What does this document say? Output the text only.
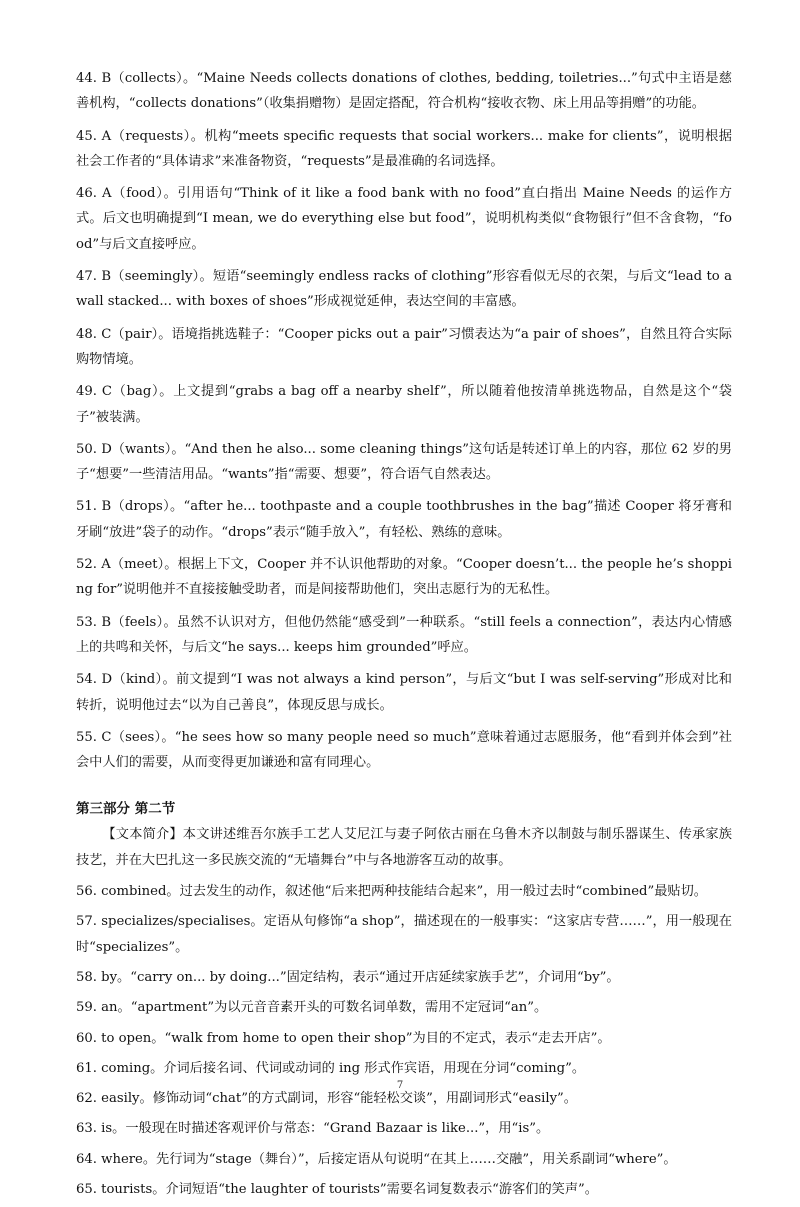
44. B（collects）。“Maine Needs collects donations of clothes, bedding, toiletries...”句式中主语是慈善机构，“collects donations”（收集捐赠物）是固定搭配，符合机构“接收衣物、床上用品等捐赠”的功能。

45. A（requests）。机构“meets specific requests that social workers... make for clients”，说明根据社会工作者的“具体请求”来准备物资，“requests”是最准确的名词选择。

46. A（food）。引用语句“Think of it like a food bank with no food”直白指出 Maine Needs 的运作方式。后文也明确提到“I mean, we do everything else but food”，说明机构类似“食物银行”但不含食物，“food”与后文直接呼应。

47. B（seemingly）。短语“seemingly endless racks of clothing”形容看似无尽的衣架，与后文“lead to a wall stacked... with boxes of shoes”形成视觉延伸，表达空间的丰富感。

48. C（pair）。语境指挑选鞋子：“Cooper picks out a pair”习惯表达为“a pair of shoes”，自然且符合实际购物情境。

49. C（bag）。上文提到“grabs a bag off a nearby shelf”，所以随着他按清单挑选物品，自然是这个“袋子”被装满。

50. D（wants）。“And then he also... some cleaning things”这句话是转述订单上的内容，那位 62 岁的男子“想要”一些清洁用品。“wants”指“需要、想要”，符合语气自然表达。

51. B（drops）。“after he... toothpaste and a couple toothbrushes in the bag”描述 Cooper 将牙膏和牙刷“放进”袋子的动作。“drops”表示“随手放入”，有轻松、熟练的意味。

52. A（meet）。根据上下文，Cooper 并不认识他帮助的对象。“Cooper doesn’t... the people he’s shopping for”说明他并不直接接触受助者，而是间接帮助他们，突出志愿行为的无私性。

53. B（feels）。虽然不认识对方，但他仍然能“感受到”一种联系。“still feels a connection”，表达内心情感上的共鸣和关怀，与后文“he says... keeps him grounded”呼应。

54. D（kind）。前文提到“I was not always a kind person”，与后文“but I was self-serving”形成对比和转折，说明他过去“以为自己善良”，体现反思与成长。

55. C（sees）。“he sees how so many people need so much”意味着通过志愿服务，他“看到并体会到”社会中人们的需要，从而变得更加谦逊和富有同理心。

第三部分 第二节

【文本简介】本文讲述维吾尔族手工艺人艾尼江与妻子阿依古丽在乌鲁木齐以制鼓与制乐器谋生、传承家族技艺，并在大巴扎这一多民族交流的“无墙舞台”中与各地游客互动的故事。

56. combined。过去发生的动作，叙述他“后来把两种技能结合起来”，用一般过去时“combined”最贴切。

57. specializes/specialises。定语从句修饰“a shop”，描述现在的一般事实：“这家店专营……”，用一般现在时“specializes”。

58. by。“carry on... by doing...”固定结构，表示“通过开店延续家族手艺”，介词用“by”。

59. an。“apartment”为以元音音素开头的可数名词单数，需用不定冠词“an”。

60. to open。“walk from home to open their shop”为目的不定式，表示“走去开店”。

61. coming。介词后接名词、代词或动词的 ing 形式作宾语，用现在分词“coming”。

62. easily。修饰动词“chat”的方式副词，形容“能轻松交谈”，用副词形式“easily”。

63. is。一般现在时描述客观评价与常态：“Grand Bazaar is like...”，用“is”。

64. where。先行词为“stage（舞台）”，后接定语从句说明“在其上……交融”，用关系副词“where”。

65. tourists。介词短语“the laughter of tourists”需要名词复数表示“游客们的笑声”。

7
